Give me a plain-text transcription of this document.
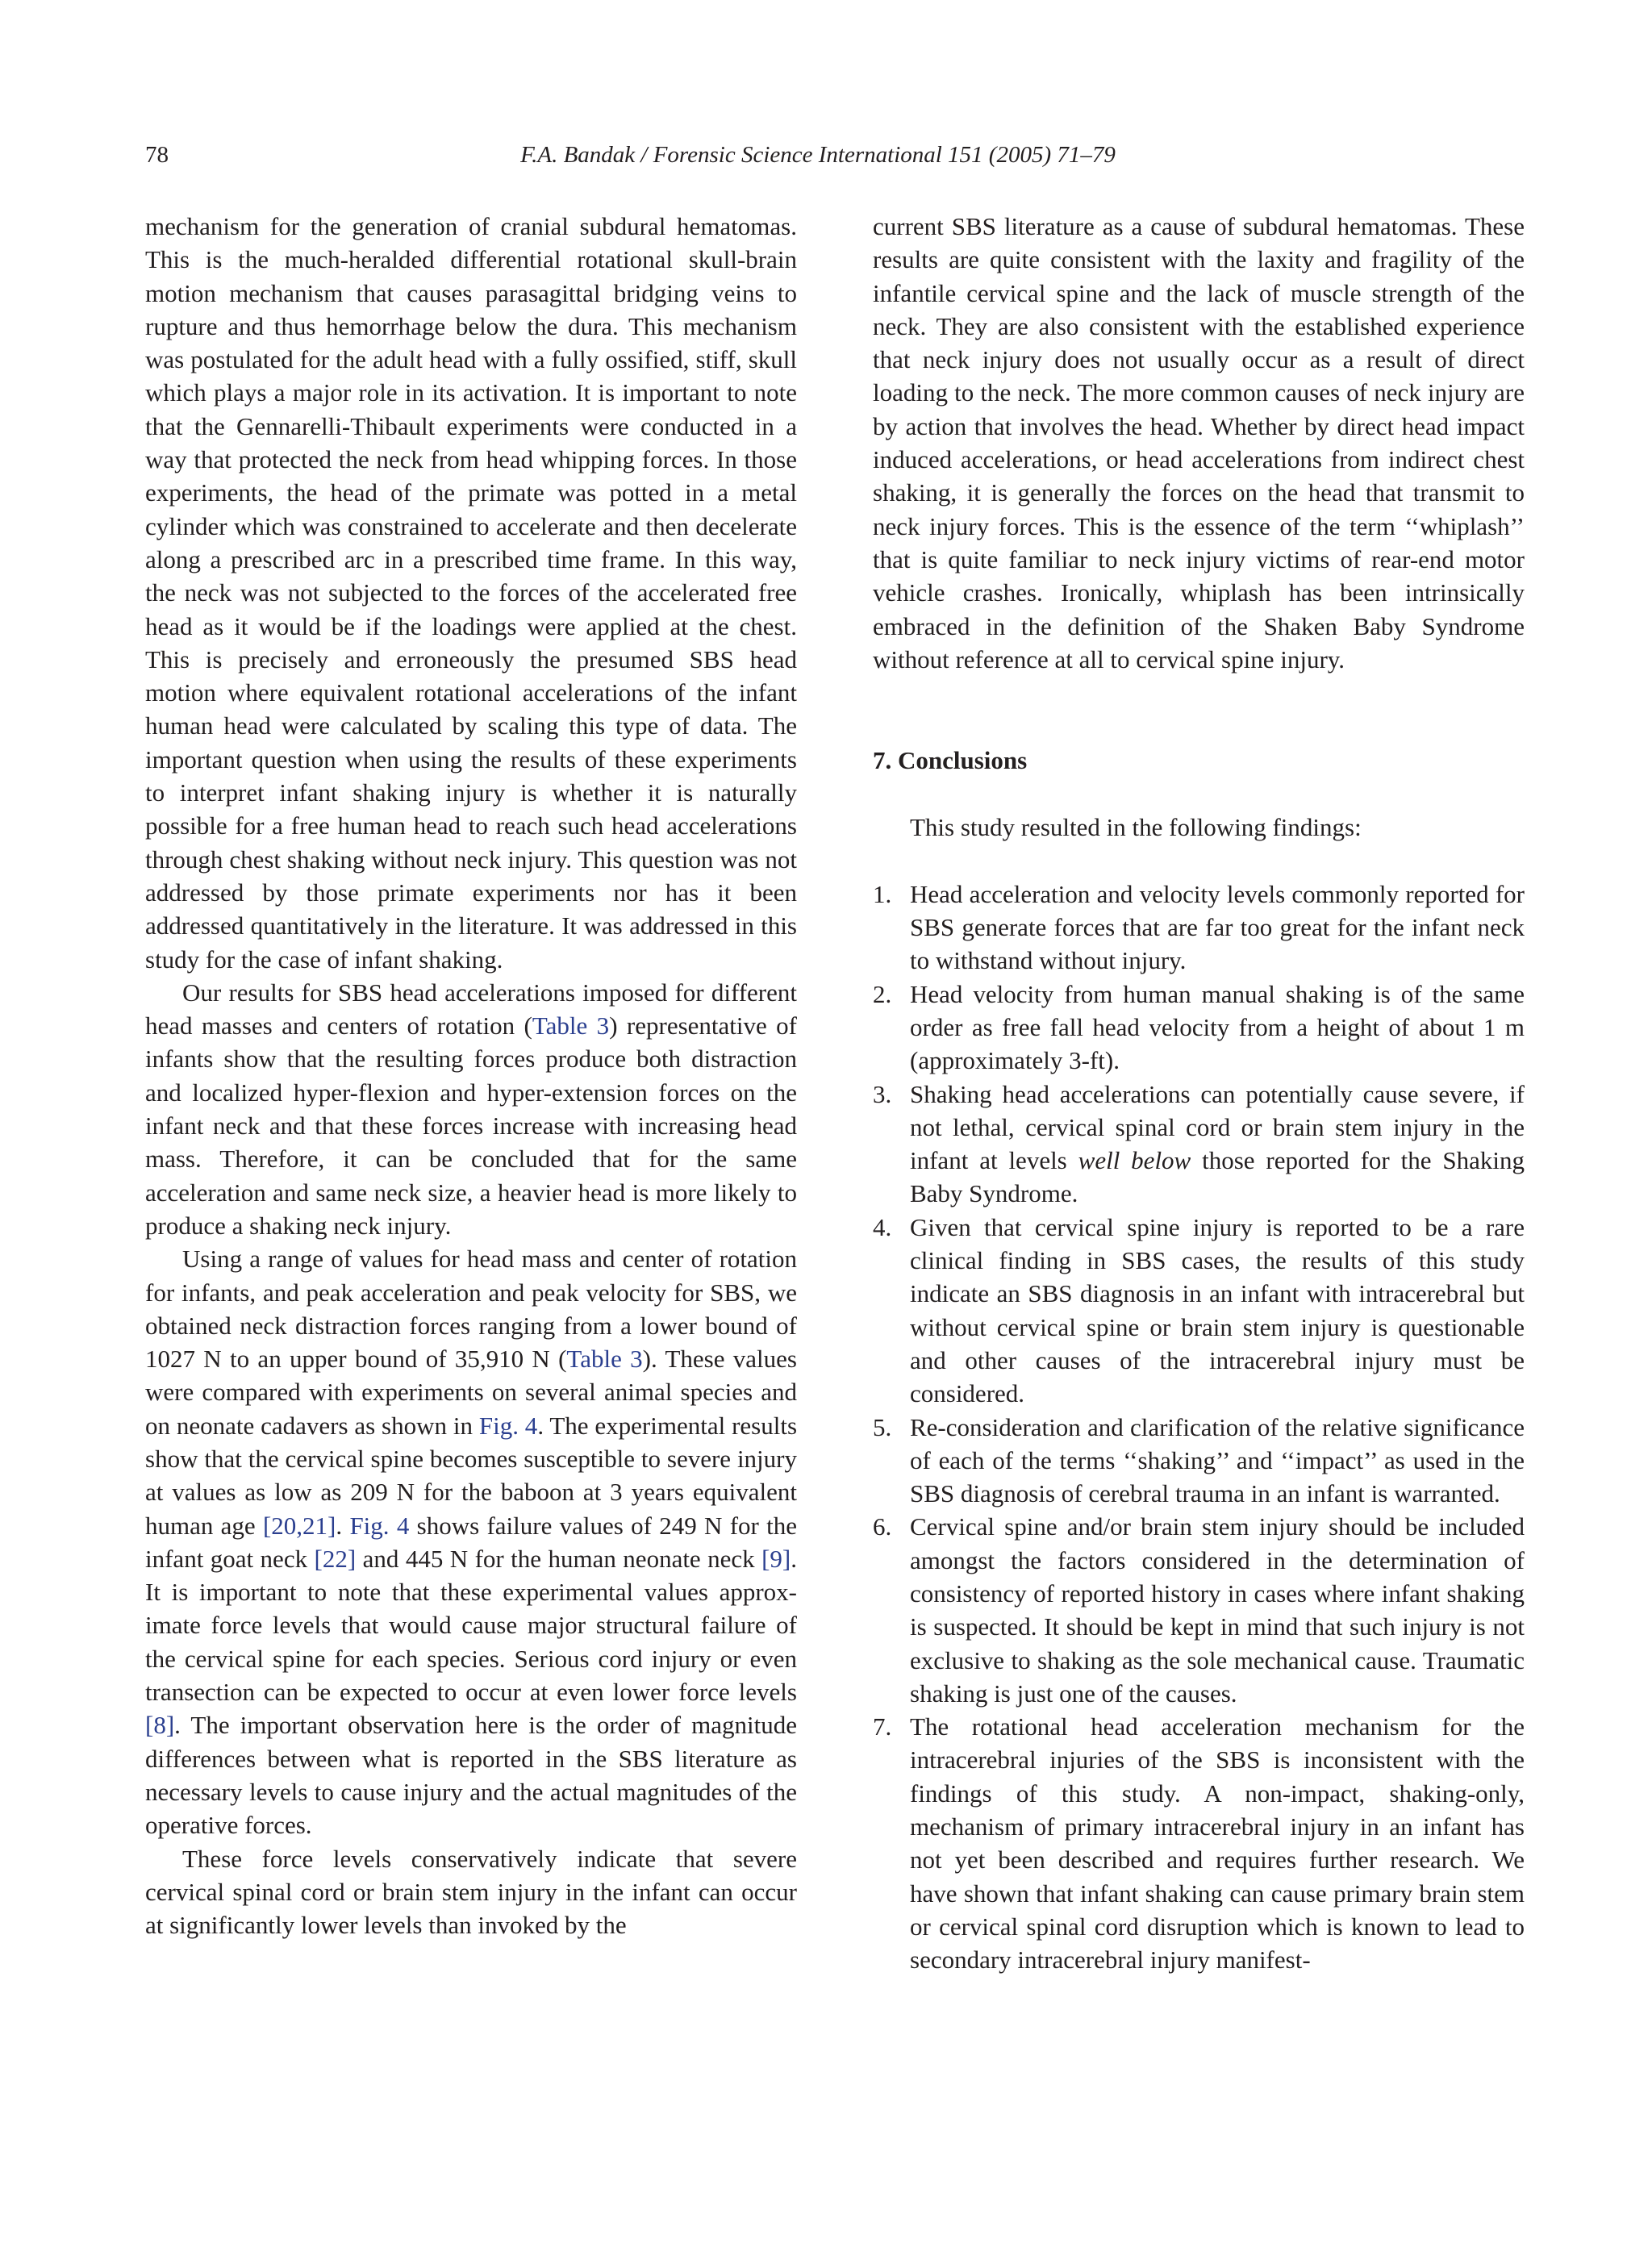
78	F.A. Bandak / Forensic Science International 151 (2005) 71–79

mechanism for the generation of cranial subdural hematomas. This is the much-heralded differential rotational skull-brain motion mechanism that causes parasagittal bridging veins to rupture and thus hemorrhage below the dura. This mechanism was postulated for the adult head with a fully ossified, stiff, skull which plays a major role in its activation. It is important to note that the Gennarelli-Thibault experiments were conducted in a way that protected the neck from head whipping forces. In those experiments, the head of the primate was potted in a metal cylinder which was constrained to accelerate and then decelerate along a prescribed arc in a prescribed time frame. In this way, the neck was not subjected to the forces of the accelerated free head as it would be if the loadings were applied at the chest. This is precisely and erroneously the presumed SBS head motion where equivalent rotational accelerations of the infant human head were calculated by scaling this type of data. The important question when using the results of these experiments to interpret infant shaking injury is whether it is naturally possible for a free human head to reach such head accelerations through chest shaking without neck injury. This question was not addressed by those primate experiments nor has it been addressed quantitatively in the literature. It was addressed in this study for the case of infant shaking.

Our results for SBS head accelerations imposed for different head masses and centers of rotation (Table 3) representative of infants show that the resulting forces produce both distraction and localized hyper-flexion and hyper-extension forces on the infant neck and that these forces increase with increasing head mass. Therefore, it can be concluded that for the same acceleration and same neck size, a heavier head is more likely to produce a shaking neck injury.

Using a range of values for head mass and center of rotation for infants, and peak acceleration and peak velocity for SBS, we obtained neck distraction forces ranging from a lower bound of 1027 N to an upper bound of 35,910 N (Table 3). These values were compared with experiments on several animal species and on neonate cadavers as shown in Fig. 4. The experimental results show that the cervical spine becomes susceptible to severe injury at values as low as 209 N for the baboon at 3 years equivalent human age [20,21]. Fig. 4 shows failure values of 249 N for the infant goat neck [22] and 445 N for the human neonate neck [9]. It is important to note that these experimental values approximate force levels that would cause major structural failure of the cervical spine for each species. Serious cord injury or even transection can be expected to occur at even lower force levels [8]. The important observation here is the order of magnitude differences between what is reported in the SBS literature as necessary levels to cause injury and the actual magnitudes of the operative forces.

These force levels conservatively indicate that severe cervical spinal cord or brain stem injury in the infant can occur at significantly lower levels than invoked by the

current SBS literature as a cause of subdural hematomas. These results are quite consistent with the laxity and fragility of the infantile cervical spine and the lack of muscle strength of the neck. They are also consistent with the established experience that neck injury does not usually occur as a result of direct loading to the neck. The more common causes of neck injury are by action that involves the head. Whether by direct head impact induced accelerations, or head accelerations from indirect chest shaking, it is generally the forces on the head that transmit to neck injury forces. This is the essence of the term ‘‘whiplash’’ that is quite familiar to neck injury victims of rear-end motor vehicle crashes. Ironically, whiplash has been intrinsically embraced in the definition of the Shaken Baby Syndrome without reference at all to cervical spine injury.

7. Conclusions

This study resulted in the following findings:

1. Head acceleration and velocity levels commonly reported for SBS generate forces that are far too great for the infant neck to withstand without injury.
2. Head velocity from human manual shaking is of the same order as free fall head velocity from a height of about 1 m (approximately 3-ft).
3. Shaking head accelerations can potentially cause severe, if not lethal, cervical spinal cord or brain stem injury in the infant at levels well below those reported for the Shaking Baby Syndrome.
4. Given that cervical spine injury is reported to be a rare clinical finding in SBS cases, the results of this study indicate an SBS diagnosis in an infant with intracerebral but without cervical spine or brain stem injury is questionable and other causes of the intracerebral injury must be considered.
5. Re-consideration and clarification of the relative significance of each of the terms ‘‘shaking’’ and ‘‘impact’’ as used in the SBS diagnosis of cerebral trauma in an infant is warranted.
6. Cervical spine and/or brain stem injury should be included amongst the factors considered in the determination of consistency of reported history in cases where infant shaking is suspected. It should be kept in mind that such injury is not exclusive to shaking as the sole mechanical cause. Traumatic shaking is just one of the causes.
7. The rotational head acceleration mechanism for the intracerebral injuries of the SBS is inconsistent with the findings of this study. A non-impact, shaking-only, mechanism of primary intracerebral injury in an infant has not yet been described and requires further research. We have shown that infant shaking can cause primary brain stem or cervical spinal cord disruption which is known to lead to secondary intracerebral injury manifest-
